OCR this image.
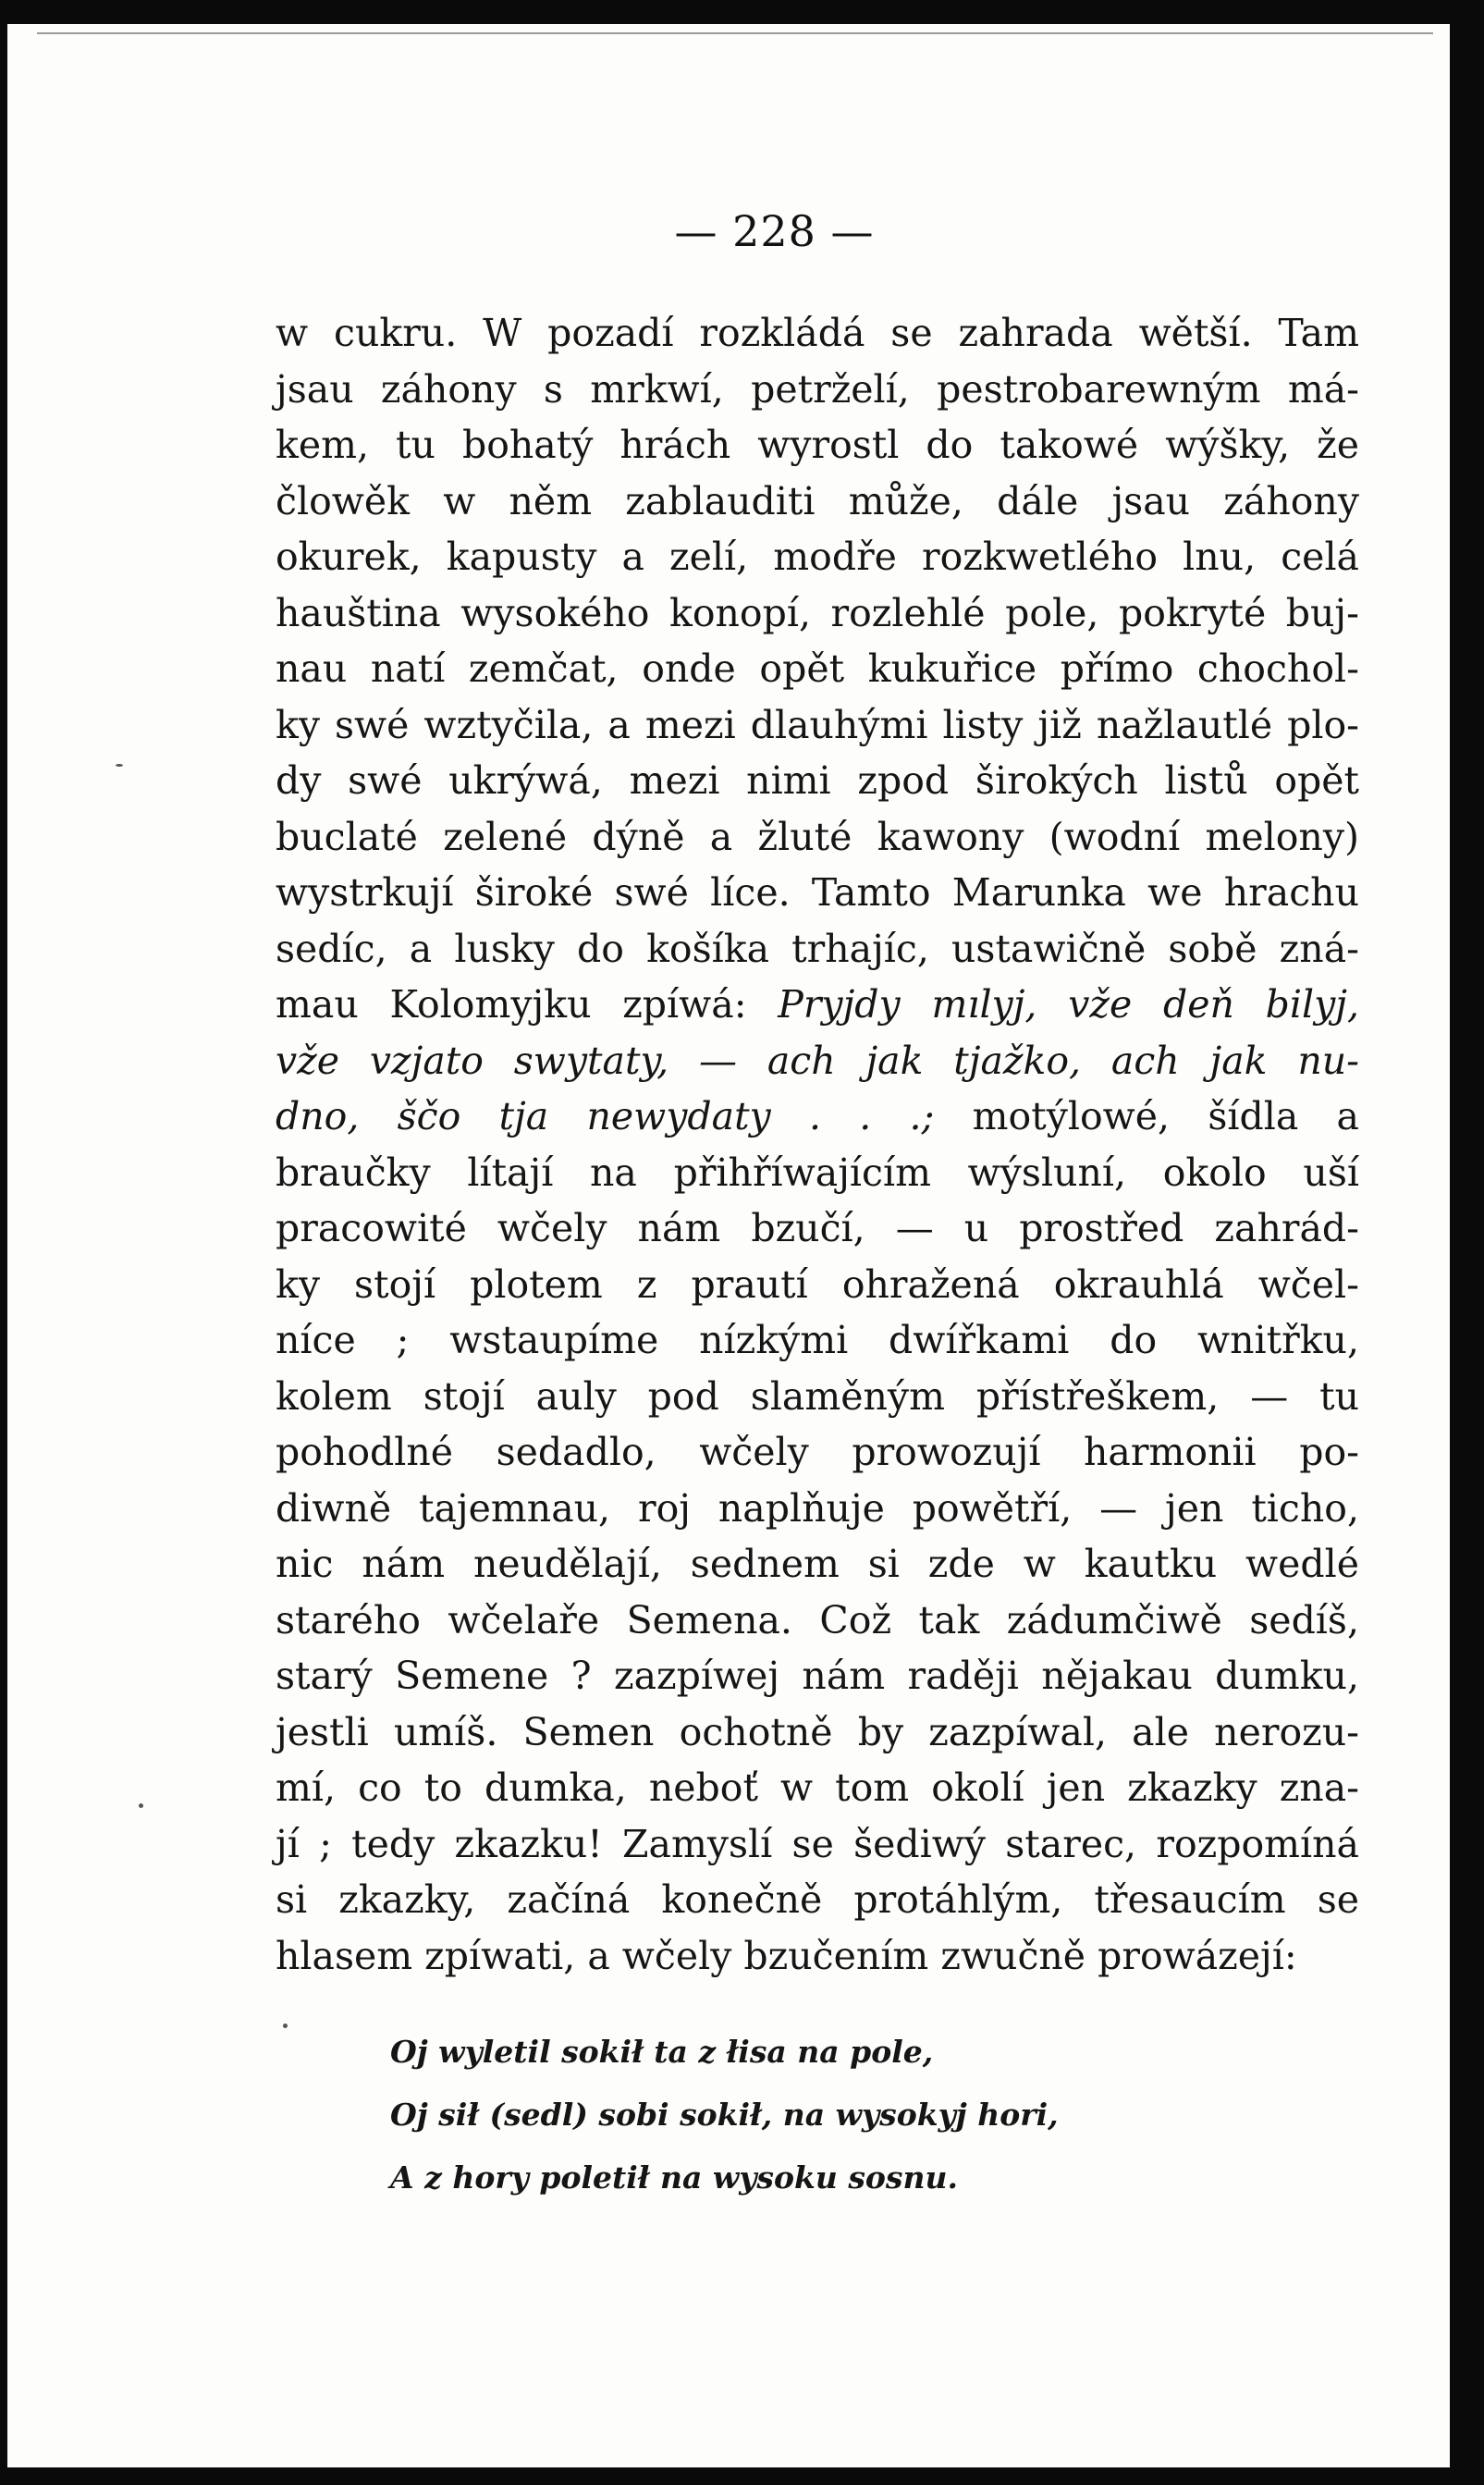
— 228 —
w cukru. W pozadí rozkládá se zahrada wětší. Tam
jsau záhony s mrkwí, petrželí, pestrobarewným má-
kem, tu bohatý hrách wyrostl do takowé wýšky, že
člowěk w něm zablauditi může, dále jsau záhony
okurek, kapusty a zelí, modře rozkwetlého lnu, celá
hauština wysokého konopí, rozlehlé pole, pokryté buj-
nau natí zemčat, onde opět kukuřice přímo chochol-
ky swé wztyčila, a mezi dlauhými listy již nažlautlé plo-
dy swé ukrýwá, mezi nimi zpod širokých listů opět
buclaté zelené dýně a žluté kawony (wodní melony)
wystrkují široké swé líce. Tamto Marunka we hrachu
sedíc, a lusky do košíka trhajíc, ustawičně sobě zná-
mau Kolomyjku zpíwá: Pryjdy mılyj, vže deň bilyj,
vže vzjato swytaty, — ach jak tjažko, ach jak nu-
dno, ščo tja newydaty . . .; motýlowé, šídla a
braučky lítají na přihříwajícím wýsluní, okolo uší
pracowité wčely nám bzučí, — u prostřed zahrád-
ky stojí plotem z prautí ohražená okrauhlá wčel-
níce ; wstaupíme nízkými dwířkami do wnitřku,
kolem stojí auly pod slaměným přístřeškem, — tu
pohodlné sedadlo, wčely prowozují harmonii po-
diwně tajemnau, roj naplňuje powětří, — jen ticho,
nic nám neudělají, sednem si zde w kautku wedlé
starého wčelaře Semena. Což tak zádumčiwě sedíš,
starý Semene ? zazpíwej nám raději nějakau dumku,
jestli umíš. Semen ochotně by zazpíwal, ale nerozu-
mí, co to dumka, neboť w tom okolí jen zkazky zna-
jí ; tedy zkazku! Zamyslí se šediwý starec, rozpomíná
si zkazky, začíná konečně protáhlým, třesaucím se
hlasem zpíwati, a wčely bzučením zwučně prowázejí:
Oj wyletil sokił ta z łisa na pole,
Oj sił (sedl) sobi sokił, na wysokyj hori,
A z hory poletił na wysoku sosnu.
